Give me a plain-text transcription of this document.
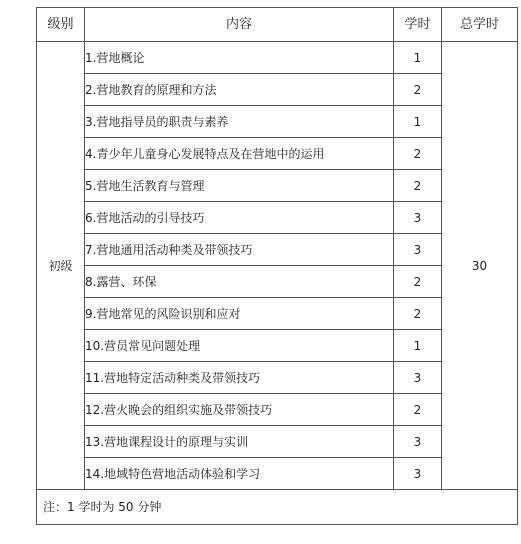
级别	内容	学时	总学时
初级	1.营地概论	1	30
	2.营地教育的原理和方法	2	
	3.营地指导员的职责与素养	1	
	4.青少年儿童身心发展特点及在营地中的运用	2	
	5.营地生活教育与管理	2	
	6.营地活动的引导技巧	3	
	7.营地通用活动种类及带领技巧	3	
	8.露营、环保	2	
	9.营地常见的风险识别和应对	2	
	10.营员常见问题处理	1	
	11.营地特定活动种类及带领技巧	3	
	12.营火晚会的组织实施及带领技巧	2	
	13.营地课程设计的原理与实训	3	
	14.地域特色营地活动体验和学习	3	
注：1 学时为 50 分钟			
